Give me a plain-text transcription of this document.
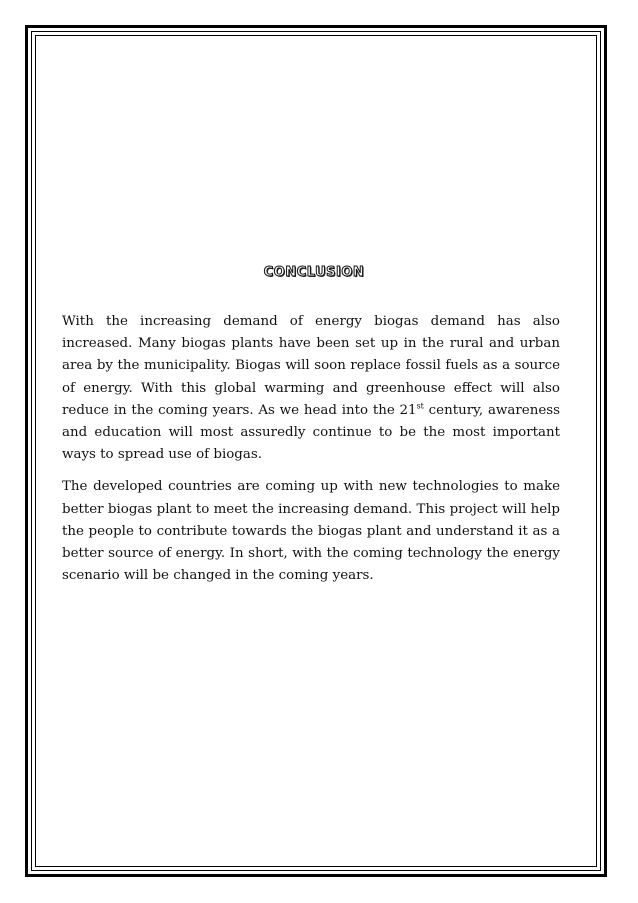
conclusion

With the increasing demand of energy biogas demand has also increased. Many biogas plants have been set up in the rural and urban area by the municipality. Biogas will soon replace fossil fuels as a source of energy. With this global warming and greenhouse effect will also reduce in the coming years. As we head into the 21st century, awareness and education will most assuredly continue to be the most important ways to spread use of biogas.

The developed countries are coming up with new technologies to make better biogas plant to meet the increasing demand. This project will help the people to contribute towards the biogas plant and understand it as a better source of energy. In short, with the coming technology the energy scenario will be changed in the coming years.
